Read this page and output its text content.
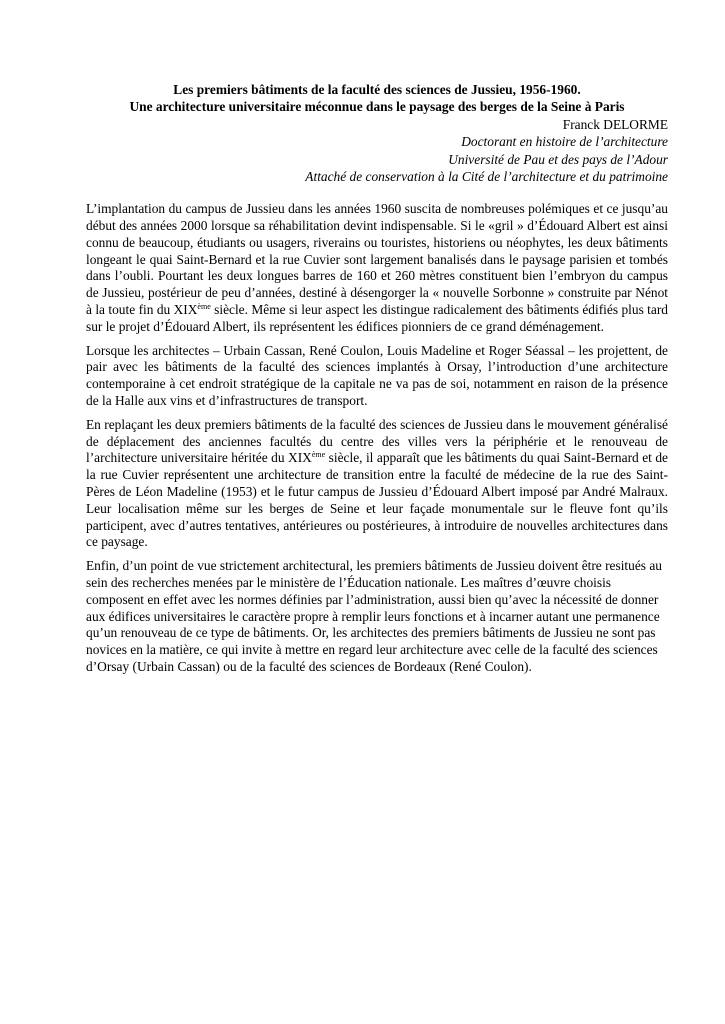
Les premiers bâtiments de la faculté des sciences de Jussieu, 1956-1960.
Une architecture universitaire méconnue dans le paysage des berges de la Seine à Paris
Franck DELORME
Doctorant en histoire de l’architecture
Université de Pau et des pays de l’Adour
Attaché de conservation à la Cité de l’architecture et du patrimoine

L’implantation du campus de Jussieu dans les années 1960 suscita de nombreuses polémiques et ce jusqu’au début des années 2000 lorsque sa réhabilitation devint indispensable. Si le «gril » d’Édouard Albert est ainsi connu de beaucoup, étudiants ou usagers, riverains ou touristes, historiens ou néophytes, les deux bâtiments longeant le quai Saint-Bernard et la rue Cuvier sont largement banalisés dans le paysage parisien et tombés dans l’oubli. Pourtant les deux longues barres de 160 et 260 mètres constituent bien l’embryon du campus de Jussieu, postérieur de peu d’années, destiné à désengorger la « nouvelle Sorbonne » construite par Nénot à la toute fin du XIXème siècle. Même si leur aspect les distingue radicalement des bâtiments édifiés plus tard sur le projet d’Édouard Albert, ils représentent les édifices pionniers de ce grand déménagement.

Lorsque les architectes – Urbain Cassan, René Coulon, Louis Madeline et Roger Séassal – les projettent, de pair avec les bâtiments de la faculté des sciences implantés à Orsay, l’introduction d’une architecture contemporaine à cet endroit stratégique de la capitale ne va pas de soi, notamment en raison de la présence de la Halle aux vins et d’infrastructures de transport.

En replaçant les deux premiers bâtiments de la faculté des sciences de Jussieu dans le mouvement généralisé de déplacement des anciennes facultés du centre des villes vers la périphérie et le renouveau de l’architecture universitaire héritée du XIXème siècle, il apparaît que les bâtiments du quai Saint-Bernard et de la rue Cuvier représentent une architecture de transition entre la faculté de médecine de la rue des Saint-Pères de Léon Madeline (1953) et le futur campus de Jussieu d’Édouard Albert imposé par André Malraux. Leur localisation même sur les berges de Seine et leur façade monumentale sur le fleuve font qu’ils participent, avec d’autres tentatives, antérieures ou postérieures, à introduire de nouvelles architectures dans ce paysage.

Enfin, d’un point de vue strictement architectural, les premiers bâtiments de Jussieu doivent être resitués au sein des recherches menées par le ministère de l’Éducation nationale. Les maîtres d’œuvre choisis composent en effet avec les normes définies par l’administration, aussi bien qu’avec la nécessité de donner aux édifices universitaires le caractère propre à remplir leurs fonctions et à incarner autant une permanence qu’un renouveau de ce type de bâtiments. Or, les architectes des premiers bâtiments de Jussieu ne sont pas novices en la matière, ce qui invite à mettre en regard leur architecture avec celle de la faculté des sciences d’Orsay (Urbain Cassan) ou de la faculté des sciences de Bordeaux (René Coulon).
